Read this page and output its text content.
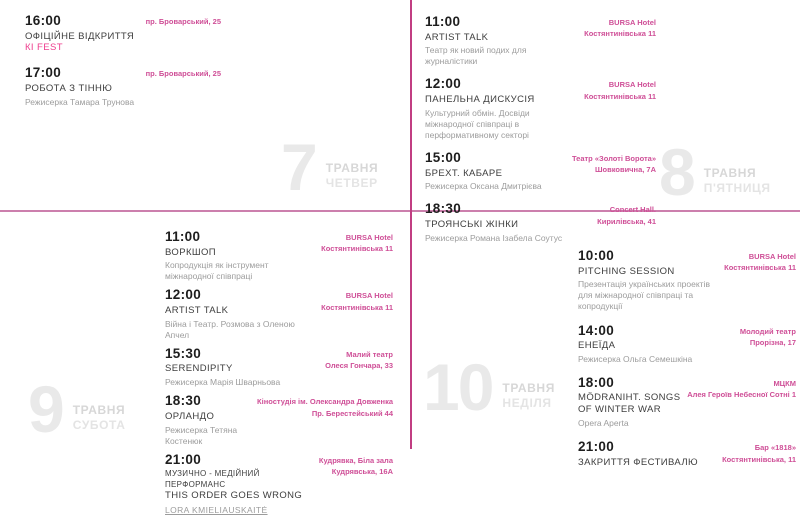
16:00
ОФІЦІЙНЕ ВІДКРИТТЯ КІ FEST
пр. Броварський, 25
17:00
РОБОТА З ТІННЮ
Режисерка Тамара Трунова
пр. Броварський, 25
11:00
ARTIST TALK
Театр як новий подих для журналістики
BURSA Hotel
Костянтинівська 11
12:00
ПАНЕЛЬНА ДИСКУСІЯ
Культурний обмін. Досвіди міжнародної співпраці в перформативному секторі
BURSA Hotel
Костянтинівська 11
15:00
БРЕХТ. КАБАРЕ
Режисерка Оксана Дмитрієва
Театр «Золоті Ворота»
Шовковична, 7А
18:30
ТРОЯНСЬКІ ЖІНКИ
Режисерка Романа Ізабела Соутус
Concert Hall.
Кирилівська, 41
11:00
ВОРКШОП
Копродукція як інструмент міжнародної співпраці
BURSA Hotel
Костянтинівська 11
12:00
ARTIST TALK
Війна і Театр. Розмова з Оленою Апчел
BURSA Hotel
Костянтинівська 11
15:30
SERENDIPITY
Режисерка Марія Шварньова
Малий театр
Олеся Гончара, 33
18:30
ОРЛАНДО
Режисерка Тетяна Костенюк
Кіностудія ім. Олександра Довженка
Пр. Берестейський 44
21:00
МУЗИЧНО - МЕДІЙНИЙ ПЕРФОРМАНС
THIS ORDER GOES WRONG
LORA KMIELIAUSKAITĖ
Кудрявка, Біла зала
Кудрявська, 16А
10:00
PITCHING SESSION
Презентація українських проектів для міжнародної співпраці та копродукції
BURSA Hotel
Костянтинівська 11
14:00
ЕНЕЇДА
Режисерка Ольга Семешкіна
Молодий театр
Прорізна, 17
18:00
MÖDRANIHT. SONGS OF WINTER WAR
Opera Aperta
МЦКМ
Алея Героїв Небесної Сотні 1
21:00
ЗАКРИТТЯ ФЕСТИВАЛЮ
Бар «1818»
Костянтинівська, 11
7 ТРАВНЯ
ЧЕТВЕР	8 ТРАВНЯ
П'ЯТНИЦЯ
9 ТРАВНЯ
СУБОТА
10 ТРАВНЯ
НЕДІЛЯ
